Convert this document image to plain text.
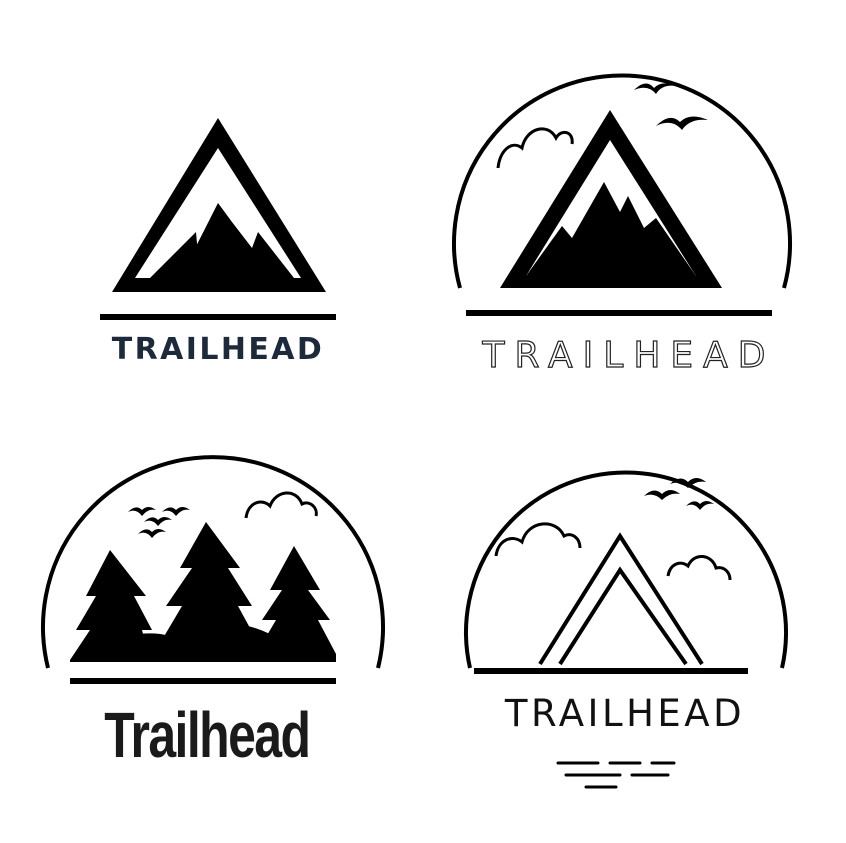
TRAILHEAD	TRAILHEAD
Trailhead	TRAILHEAD
